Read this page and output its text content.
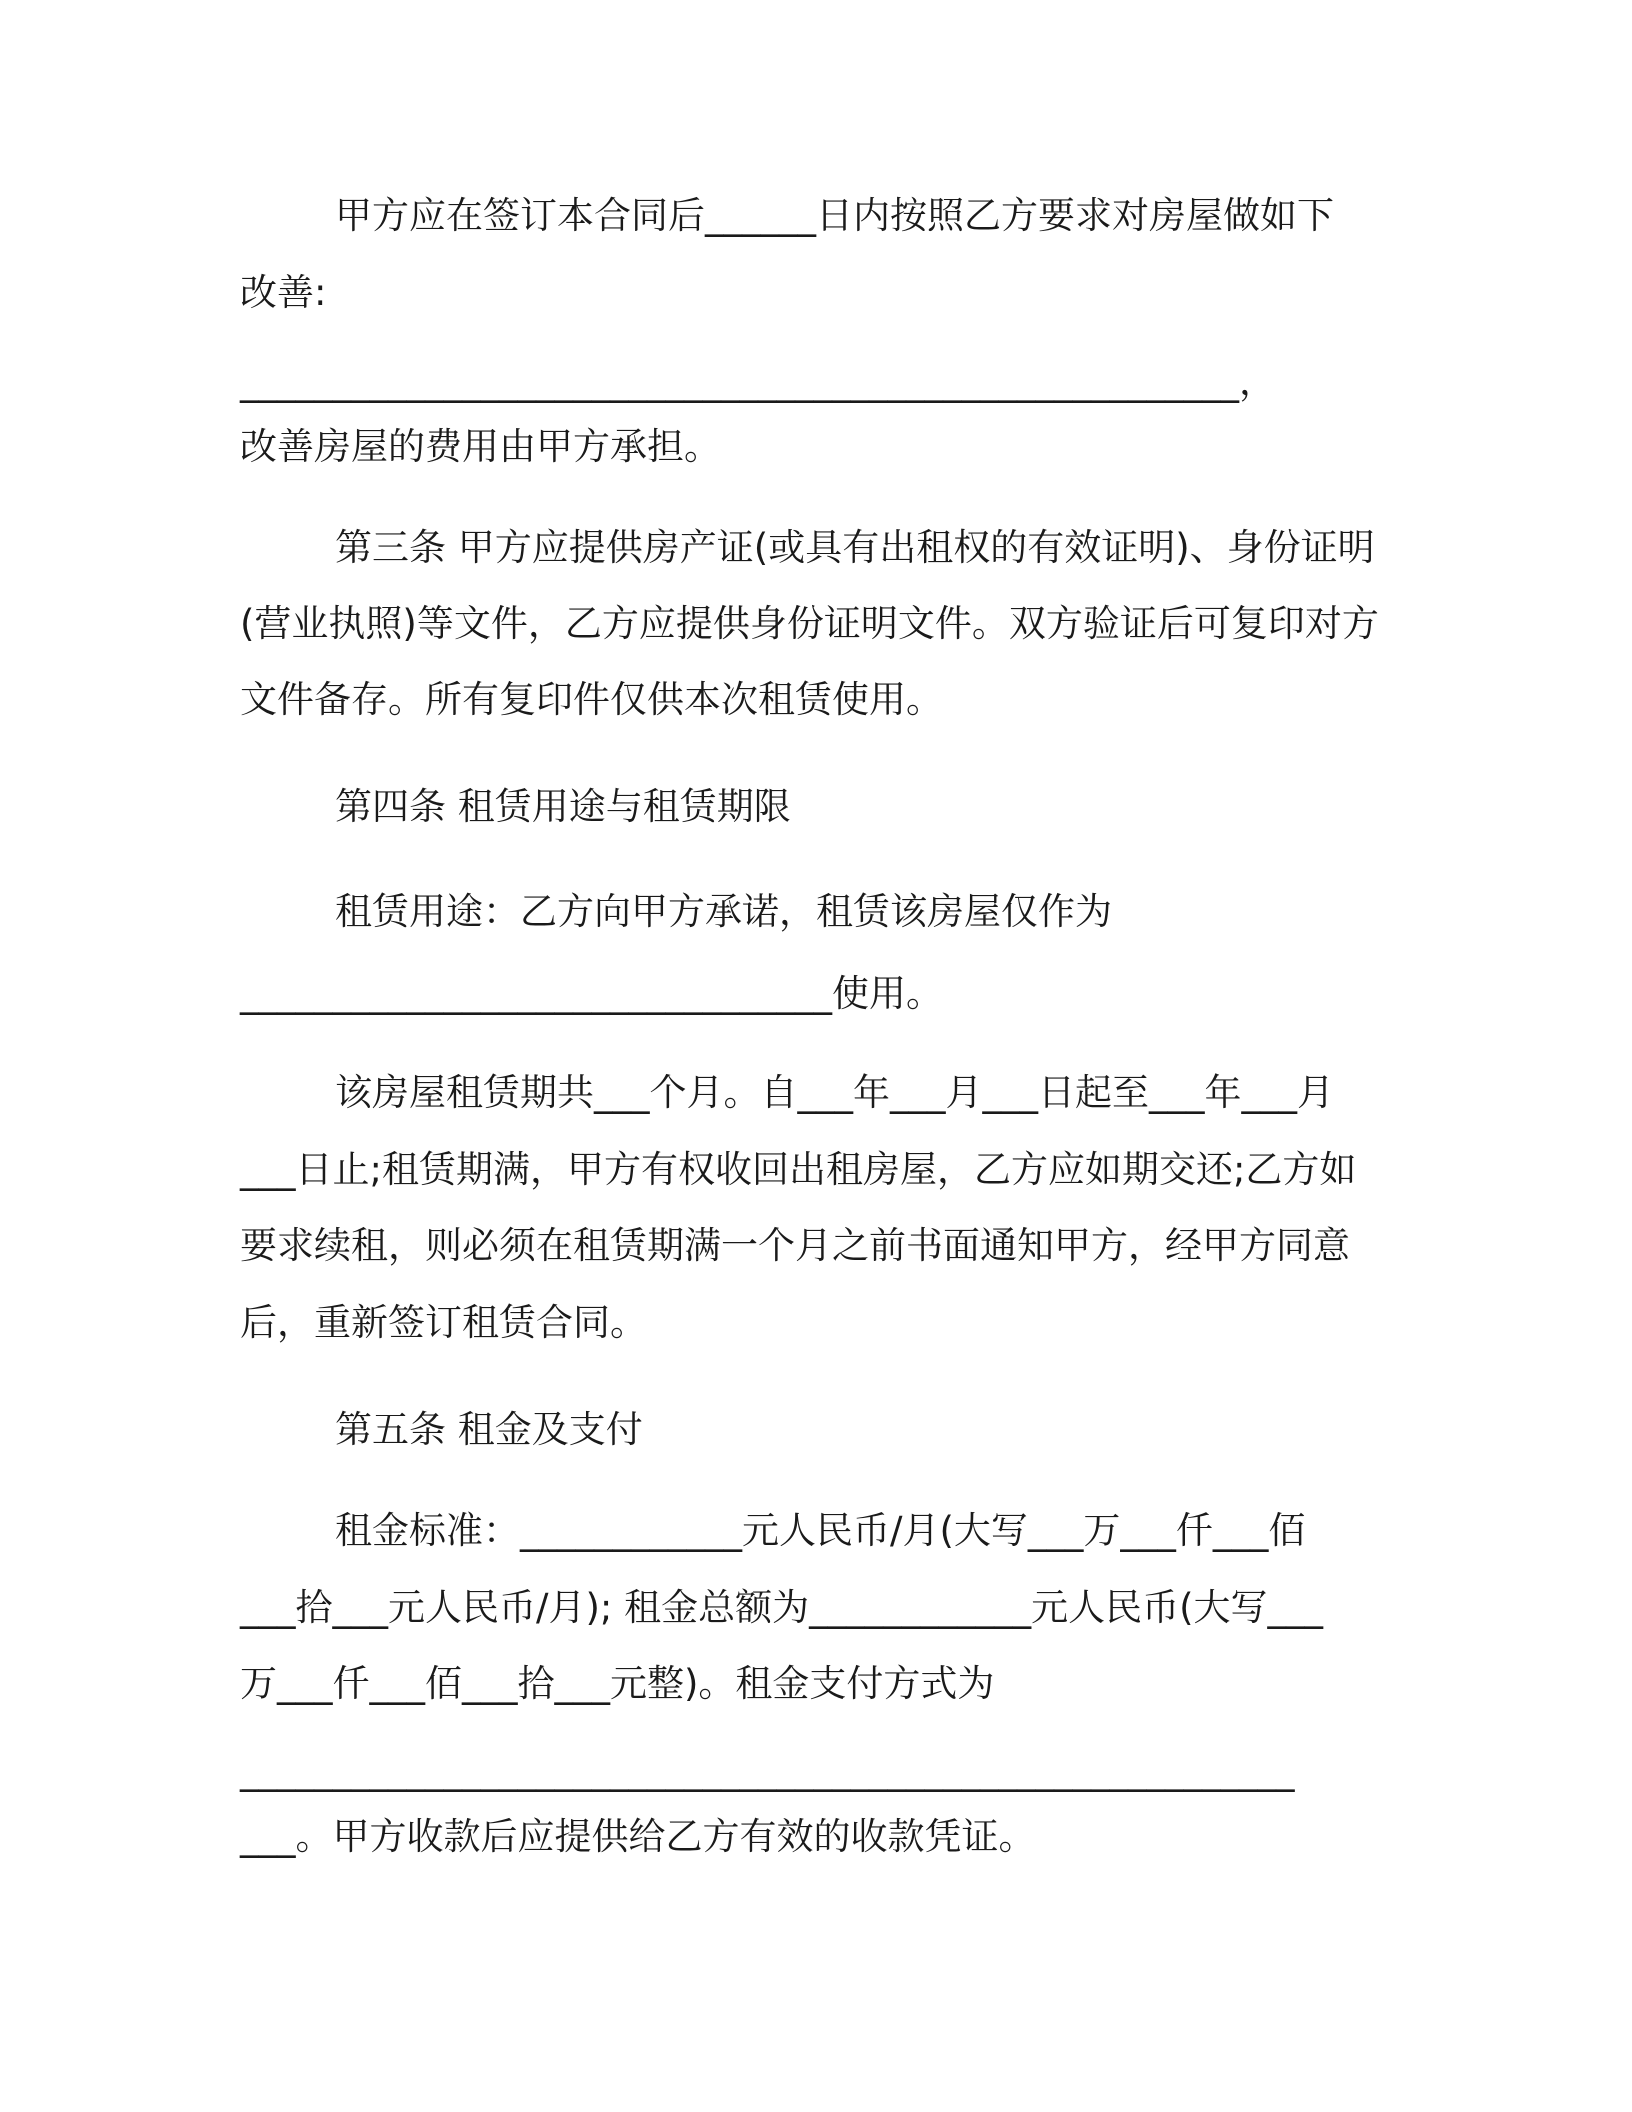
甲方应在签订本合同后______日内按照乙方要求对房屋做如下

改善:

______________________________________________________，

改善房屋的费用由甲方承担。

第三条 甲方应提供房产证(或具有出租权的有效证明)、身份证明

(营业执照)等文件，乙方应提供身份证明文件。双方验证后可复印对方

文件备存。所有复印件仅供本次租赁使用。

第四条 租赁用途与租赁期限

租赁用途：乙方向甲方承诺，租赁该房屋仅作为

________________________________使用。

该房屋租赁期共___个月。自___年___月___日起至___年___月

___日止;租赁期满，甲方有权收回出租房屋，乙方应如期交还;乙方如

要求续租，则必须在租赁期满一个月之前书面通知甲方，经甲方同意

后，重新签订租赁合同。

第五条 租金及支付

租金标准：____________元人民币/月(大写___万___仟___佰

___拾___元人民币/月); 租金总额为____________元人民币(大写___

万___仟___佰___拾___元整)。租金支付方式为

_________________________________________________________

___。甲方收款后应提供给乙方有效的收款凭证。
